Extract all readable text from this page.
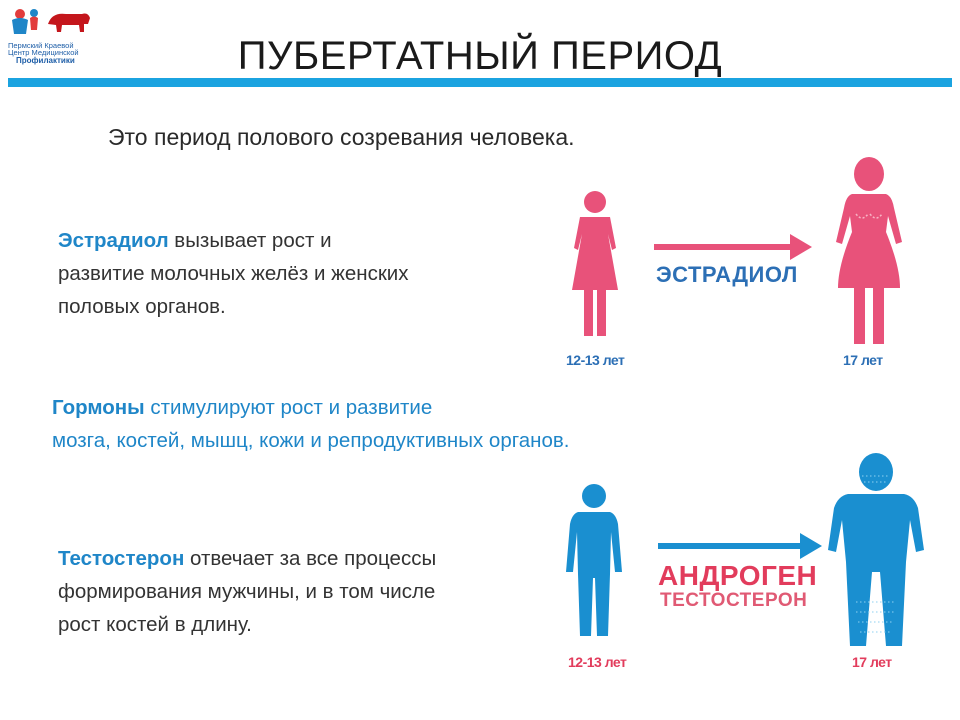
Пермский Краевой
Центр Медицинской
Профилактики	ПУБЕРТАТНЫЙ ПЕРИОД
Это период полового созревания человека.
Эстрадиол вызывает рост и
развитие молочных желёз и женских
половых органов.
Гормоны стимулируют рост и развитие
мозга, костей, мышц, кожи и репродуктивных органов.
Тестостерон отвечает за все процессы
формирования мужчины, и в том числе
рост костей в длину.
ЭСТРАДИОЛ
12-13 лет	17 лет
АНДРОГЕН
ТЕСТОСТЕРОН
12-13 лет	17 лет
